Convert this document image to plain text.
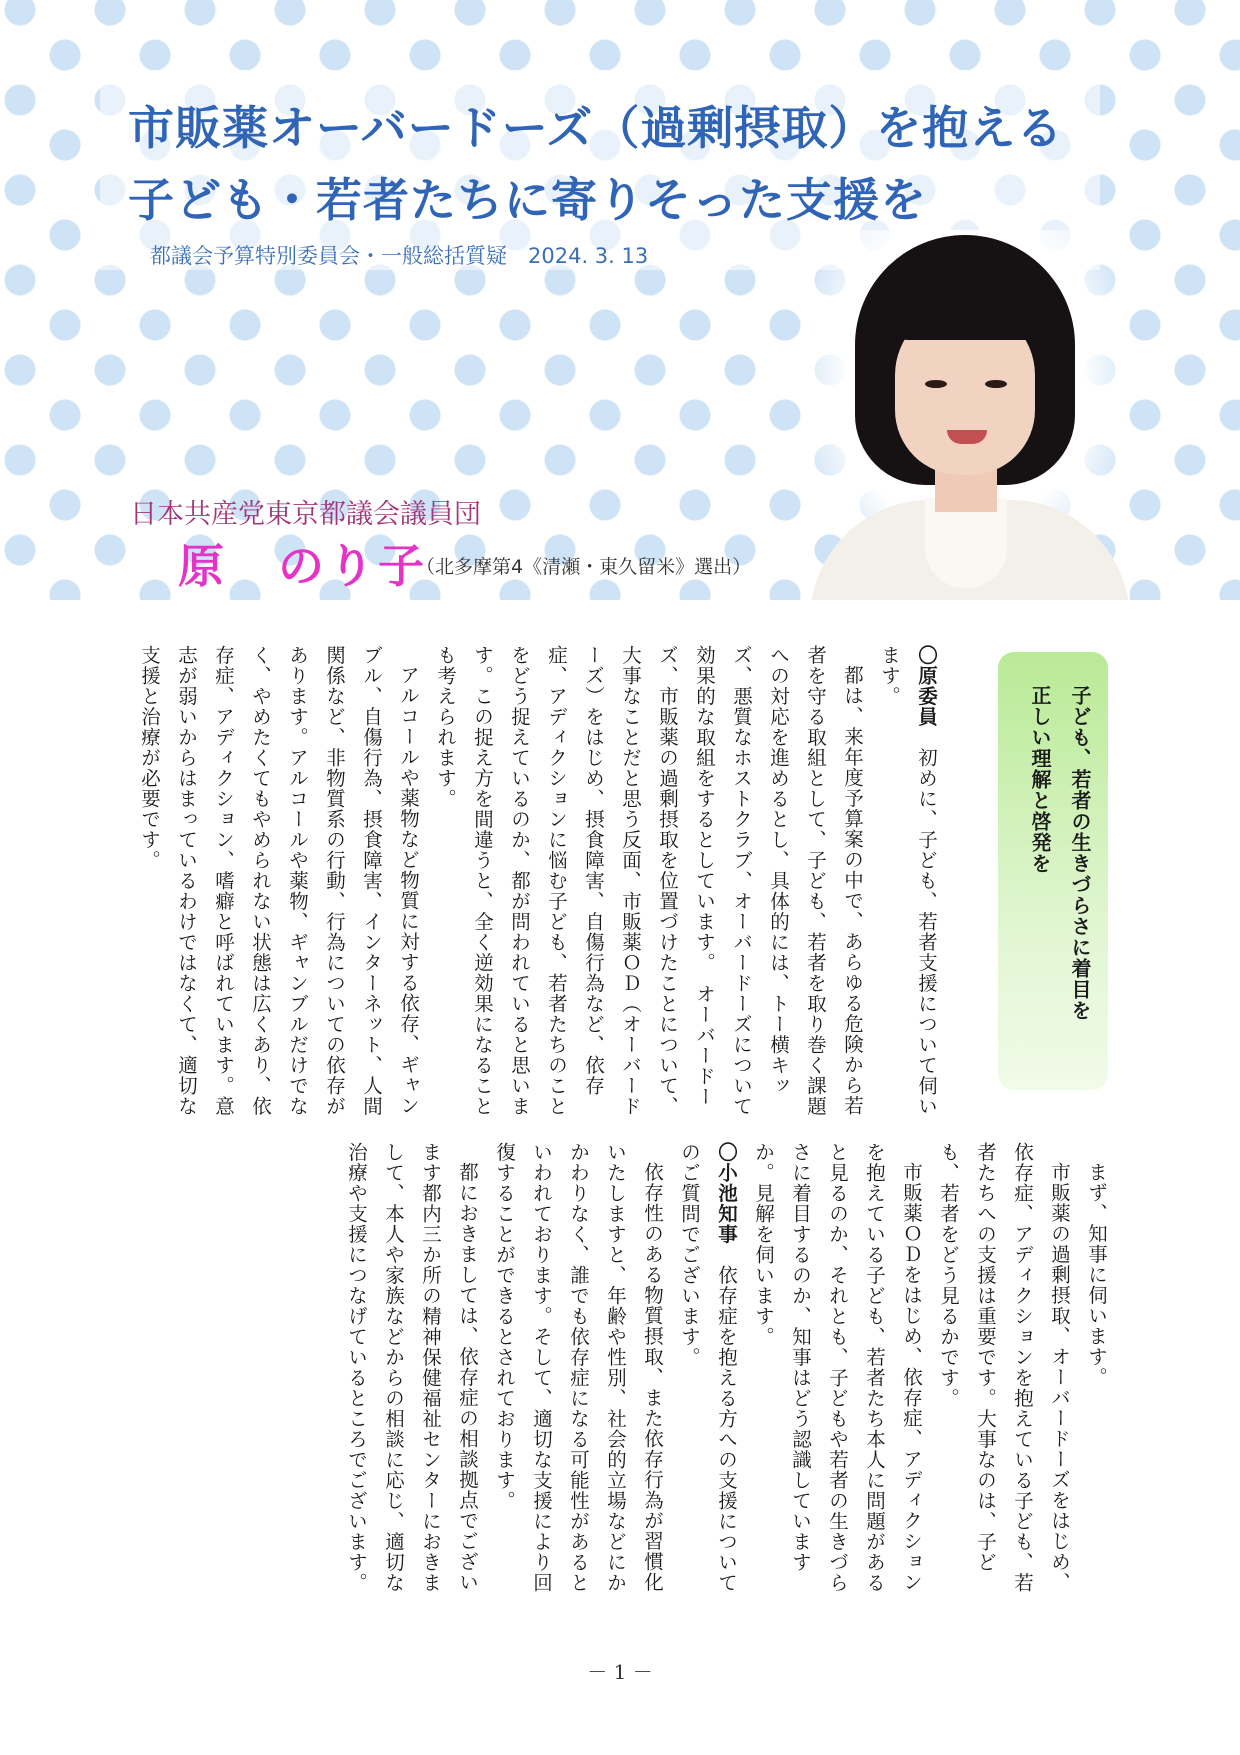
市販薬オーバードーズ（過剰摂取）を抱える
子ども・若者たちに寄りそった支援を
都議会予算特別委員会・一般総括質疑　2024. 3. 13
日本共産党東京都議会議員団
原　のり子
（北多摩第4《清瀬・東久留米》選出）
子ども、若者の生きづらさに着目を
正しい理解と啓発を

〇原委員　初めに、子ども、若者支援について伺います。

都は、来年度予算案の中で、あらゆる危険から若者を守る取組として、子ども、若者を取り巻く課題への対応を進めるとし、具体的には、トー横キッズ、悪質なホストクラブ、オーバードーズについて効果的な取組をするとしています。　オーバードーズ、市販薬の過剰摂取を位置づけたことについて、大事なことだと思う反面、市販薬ＯＤ（オーバードーズ）をはじめ、摂食障害、自傷行為など、依存症、アディクションに悩む子ども、若者たちのことをどう捉えているのか、都が問われていると思います。この捉え方を間違うと、全く逆効果になることも考えられます。

アルコールや薬物など物質に対する依存、ギャンブル、自傷行為、摂食障害、インターネット、人間関係など、非物質系の行動、行為についての依存があります。アルコールや薬物、ギャンブルだけでなく、やめたくてもやめられない状態は広くあり、依存症、アディクション、嗜癖と呼ばれています。意志が弱いからはまっているわけではなくて、適切な支援と治療が必要です。

まず、知事に伺います。

市販薬の過剰摂取、オーバードーズをはじめ、依存症、アディクションを抱えている子ども、若者たちへの支援は重要です。大事なのは、子ども、若者をどう見るかです。

市販薬ＯＤをはじめ、依存症、アディクションを抱えている子ども、若者たち本人に問題があると見るのか、それとも、子どもや若者の生きづらさに着目するのか、知事はどう認識していますか。見解を伺います。

〇小池知事　依存症を抱える方への支援についてのご質問でございます。

依存性のある物質摂取、また依存行為が習慣化いたしますと、年齢や性別、社会的立場などにかかわりなく、誰でも依存症になる可能性があるといわれております。そして、適切な支援により回復することができるとされております。

都におきましては、依存症の相談拠点でございます都内三か所の精神保健福祉センターにおきまして、本人や家族などからの相談に応じ、適切な治療や支援につなげているところでございます。

－ 1 －
